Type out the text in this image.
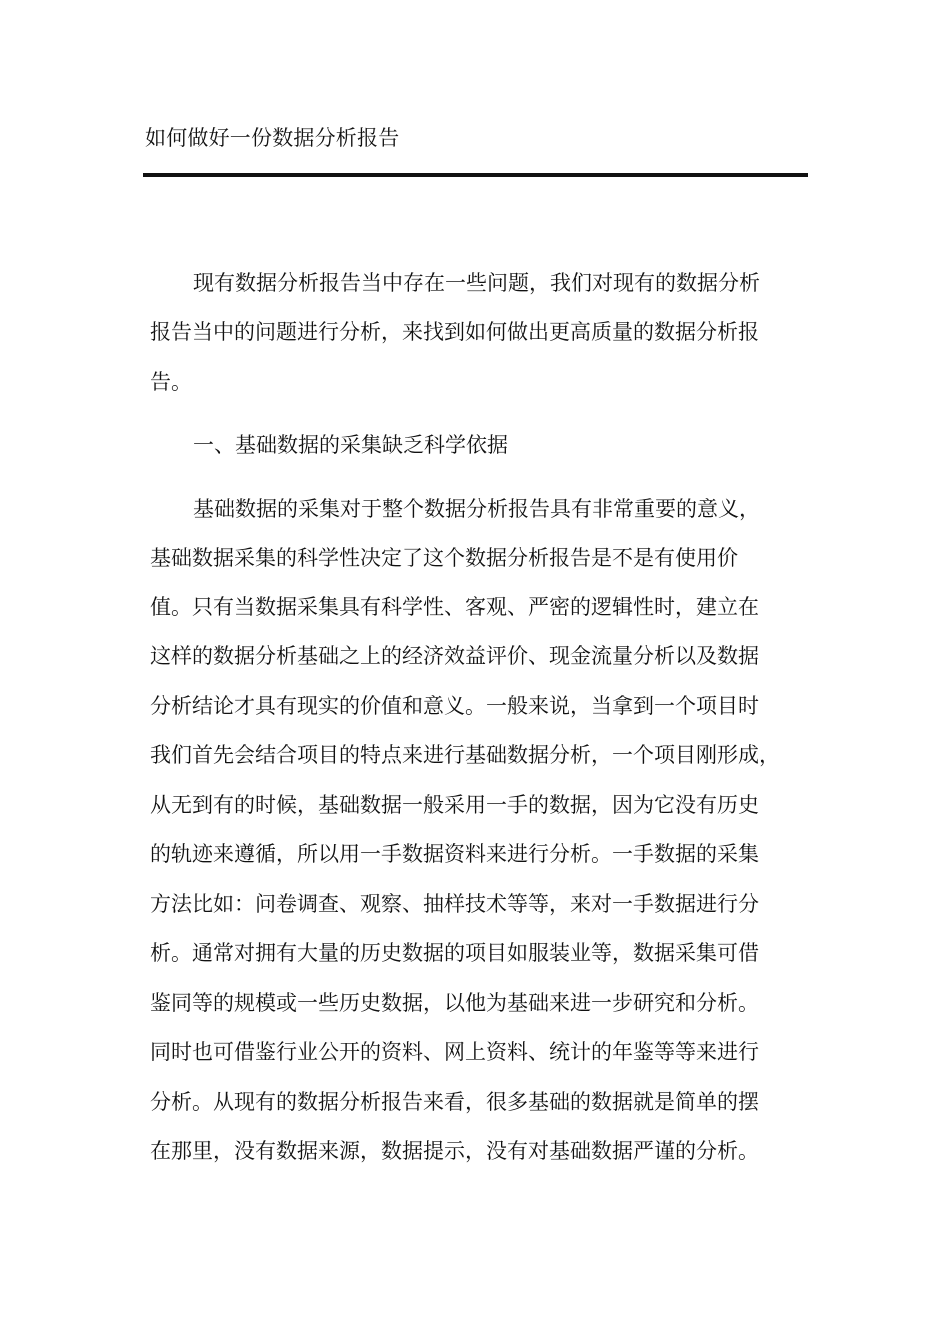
如何做好一份数据分析报告
现有数据分析报告当中存在一些问题，我们对现有的数据分析
报告当中的问题进行分析，来找到如何做出更高质量的数据分析报
告。
一、基础数据的采集缺乏科学依据
基础数据的采集对于整个数据分析报告具有非常重要的意义，
基础数据采集的科学性决定了这个数据分析报告是不是有使用价
值。只有当数据采集具有科学性、客观、严密的逻辑性时，建立在
这样的数据分析基础之上的经济效益评价、现金流量分析以及数据
分析结论才具有现实的价值和意义。一般来说，当拿到一个项目时
我们首先会结合项目的特点来进行基础数据分析，一个项目刚形成，
从无到有的时候，基础数据一般采用一手的数据，因为它没有历史
的轨迹来遵循，所以用一手数据资料来进行分析。一手数据的采集
方法比如：问卷调查、观察、抽样技术等等，来对一手数据进行分
析。通常对拥有大量的历史数据的项目如服装业等，数据采集可借
鉴同等的规模或一些历史数据，以他为基础来进一步研究和分析。
同时也可借鉴行业公开的资料、网上资料、统计的年鉴等等来进行
分析。从现有的数据分析报告来看，很多基础的数据就是简单的摆
在那里，没有数据来源，数据提示，没有对基础数据严谨的分析。
